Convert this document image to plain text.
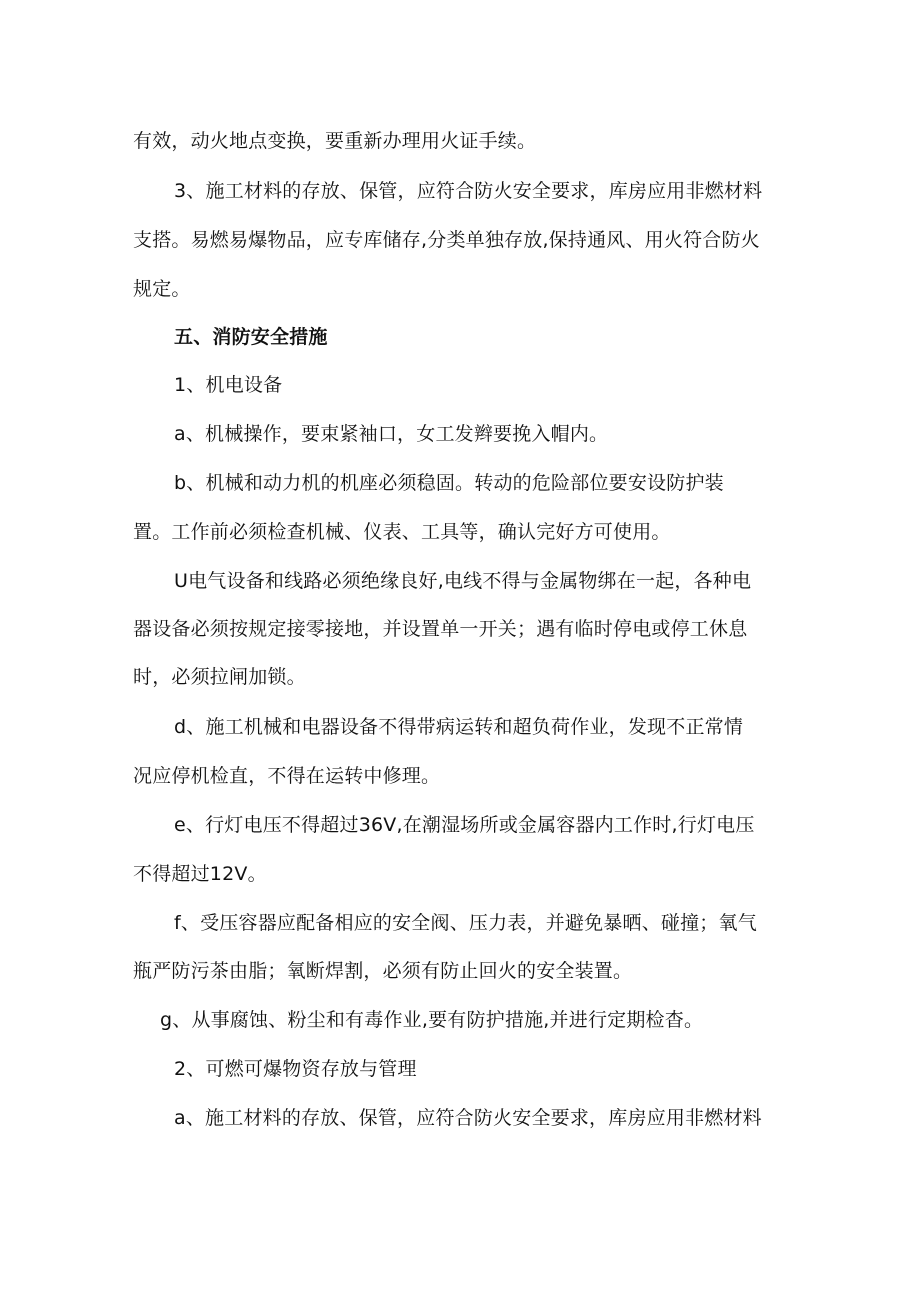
有效，动火地点变换，要重新办理用火证手续。
3、施工材料的存放、保管，应符合防火安全要求，库房应用非燃材料
支搭。易燃易爆物品，应专库储存,分类单独存放,保持通风、用火符合防火
规定。
五、消防安全措施
1、机电设备
a、机械操作，要束紧袖口，女工发辫要挽入帽内。
b、机械和动力机的机座必须稳固。转动的危险部位要安设防护装
置。工作前必须检查机械、仪表、工具等，确认完好方可使用。
U电气设备和线路必须绝缘良好,电线不得与金属物绑在一起，各种电
器设备必须按规定接零接地，并设置单一开关；遇有临时停电或停工休息
时，必须拉闸加锁。
d、施工机械和电器设备不得带病运转和超负荷作业，发现不正常情
况应停机检直，不得在运转中修理。
e、行灯电压不得超过36V,在潮湿场所或金属容器内工作时,行灯电压
不得超过12V。
f、受压容器应配备相应的安全阀、压力表，并避免暴晒、碰撞；氧气
瓶严防污茶由脂；氧断焊割，必须有防止回火的安全装置。
g、从事腐蚀、粉尘和有毒作业,要有防护措施,并进行定期检杳。
2、可燃可爆物资存放与管理
a、施工材料的存放、保管，应符合防火安全要求，库房应用非燃材料
